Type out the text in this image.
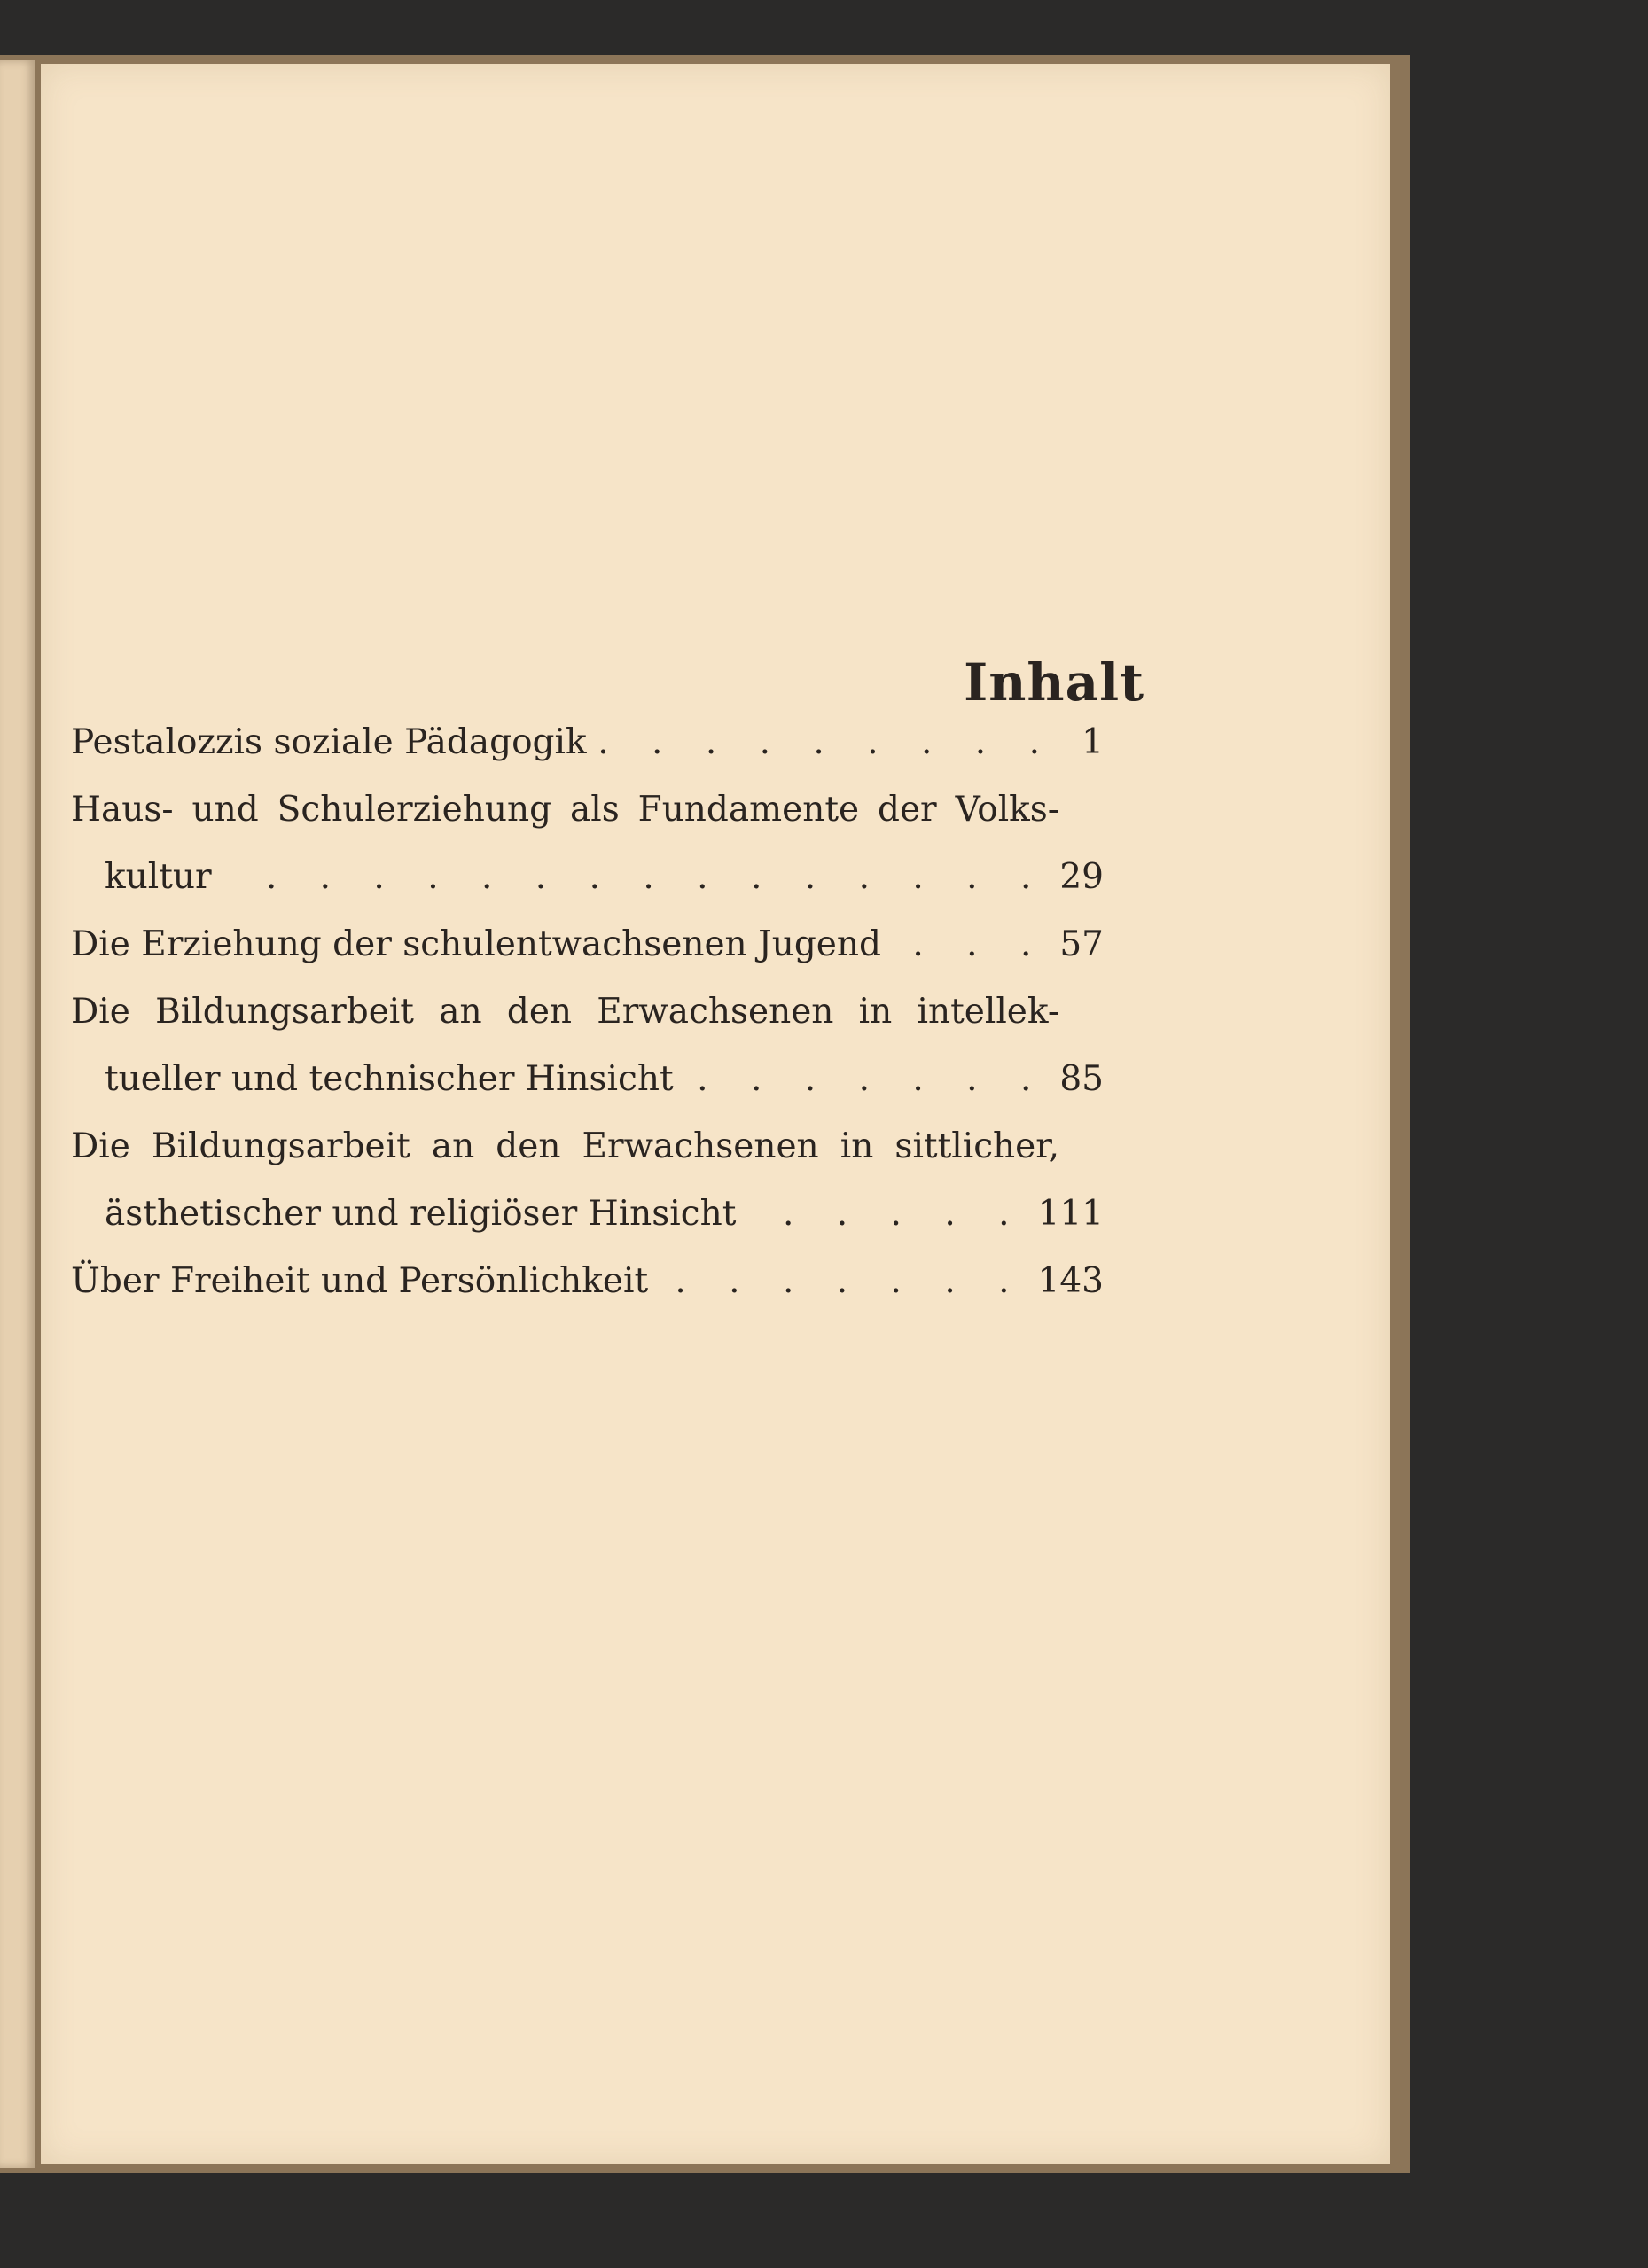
Inhalt
Pestalozzis soziale Pädagogik . . .	1
Haus- und Schulerziehung als Fundamente der Volks-
kultur . . .	29
Die Erziehung der schulentwachsenen Jugend . . .	57
Die Bildungsarbeit an den Erwachsenen in intellek-
tueller und technischer Hinsicht . . .	85
Die Bildungsarbeit an den Erwachsenen in sittlicher,
ästhetischer und religiöser Hinsicht . . .	111
Über Freiheit und Persönlichkeit . . .	143
